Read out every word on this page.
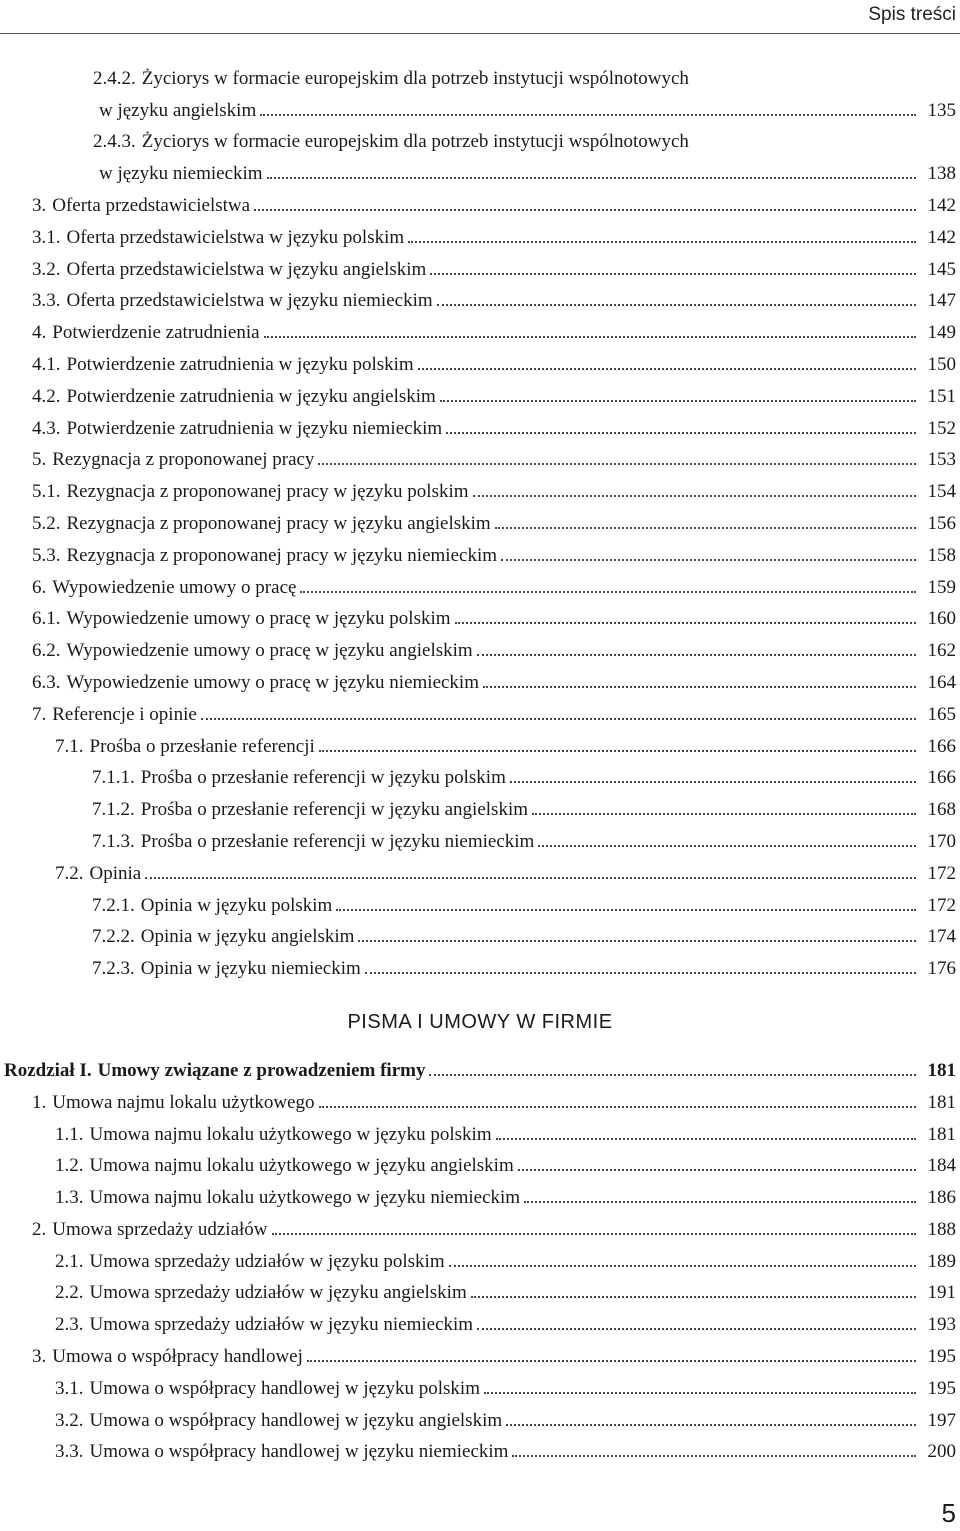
Spis treści
2.4.2. Życiorys w formacie europejskim dla potrzeb instytucji wspólnotowych
w języku angielskim	135
2.4.3. Życiorys w formacie europejskim dla potrzeb instytucji wspólnotowych
w języku niemieckim	138
3. Oferta przedstawicielstwa	142
3.1. Oferta przedstawicielstwa w języku polskim	142
3.2. Oferta przedstawicielstwa w języku angielskim	145
3.3. Oferta przedstawicielstwa w języku niemieckim	147
4. Potwierdzenie zatrudnienia	149
4.1. Potwierdzenie zatrudnienia w języku polskim	150
4.2. Potwierdzenie zatrudnienia w języku angielskim	151
4.3. Potwierdzenie zatrudnienia w języku niemieckim	152
5. Rezygnacja z proponowanej pracy	153
5.1. Rezygnacja z proponowanej pracy w języku polskim	154
5.2. Rezygnacja z proponowanej pracy w języku angielskim	156
5.3. Rezygnacja z proponowanej pracy w języku niemieckim	158
6. Wypowiedzenie umowy o pracę	159
6.1. Wypowiedzenie umowy o pracę w języku polskim	160
6.2. Wypowiedzenie umowy o pracę w języku angielskim	162
6.3. Wypowiedzenie umowy o pracę w języku niemieckim	164
7. Referencje i opinie	165
7.1. Prośba o przesłanie referencji	166
7.1.1. Prośba o przesłanie referencji w języku polskim	166
7.1.2. Prośba o przesłanie referencji w języku angielskim	168
7.1.3. Prośba o przesłanie referencji w języku niemieckim	170
7.2. Opinia	172
7.2.1. Opinia w języku polskim	172
7.2.2. Opinia w języku angielskim	174
7.2.3. Opinia w języku niemieckim	176
PISMA I UMOWY W FIRMIE
Rozdział I. Umowy związane z prowadzeniem firmy	181
1. Umowa najmu lokalu użytkowego	181
1.1. Umowa najmu lokalu użytkowego w języku polskim	181
1.2. Umowa najmu lokalu użytkowego w języku angielskim	184
1.3. Umowa najmu lokalu użytkowego w języku niemieckim	186
2. Umowa sprzedaży udziałów	188
2.1. Umowa sprzedaży udziałów w języku polskim	189
2.2. Umowa sprzedaży udziałów w języku angielskim	191
2.3. Umowa sprzedaży udziałów w języku niemieckim	193
3. Umowa o współpracy handlowej	195
3.1. Umowa o współpracy handlowej w języku polskim	195
3.2. Umowa o współpracy handlowej w języku angielskim	197
3.3. Umowa o współpracy handlowej w języku niemieckim	200
5
